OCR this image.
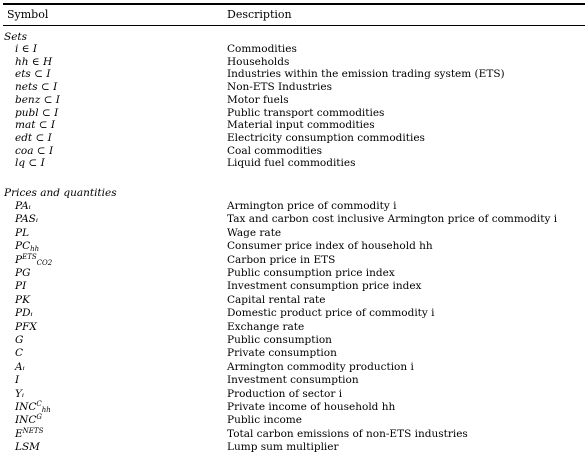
Symbol	Description
Sets
i ∈ I	Commodities
hh ∈ H	Households
ets ⊂ I	Industries within the emission trading system (ETS)
nets ⊂ I	Non-ETS Industries
benz ⊂ I	Motor fuels
publ ⊂ I	Public transport commodities
mat ⊂ I	Material input commodities
edt ⊂ I	Electricity consumption commodities
coa ⊂ I	Coal commodities
lq ⊂ I	Liquid fuel commodities
Prices and quantities
PAᵢ	Armington price of commodity i
PASᵢ	Tax and carbon cost inclusive Armington price of commodity i
PL	Wage rate
$PC_{hh}$	Consumer price index of household hh
$P^{ETS}_{CO2}$	Carbon price in ETS
PG	Public consumption price index
PI	Investment consumption price index
PK	Capital rental rate
PDᵢ	Domestic product price of commodity i
PFX	Exchange rate
G	Public consumption
C	Private consumption
Aᵢ	Armington commodity production i
I	Investment consumption
Yᵢ	Production of sector i
$INC^C_{hh}$	Private income of household hh
$INC^G$	Public income
$E^{NETS}$	Total carbon emissions of non-ETS industries
LSM	Lump sum multiplier
